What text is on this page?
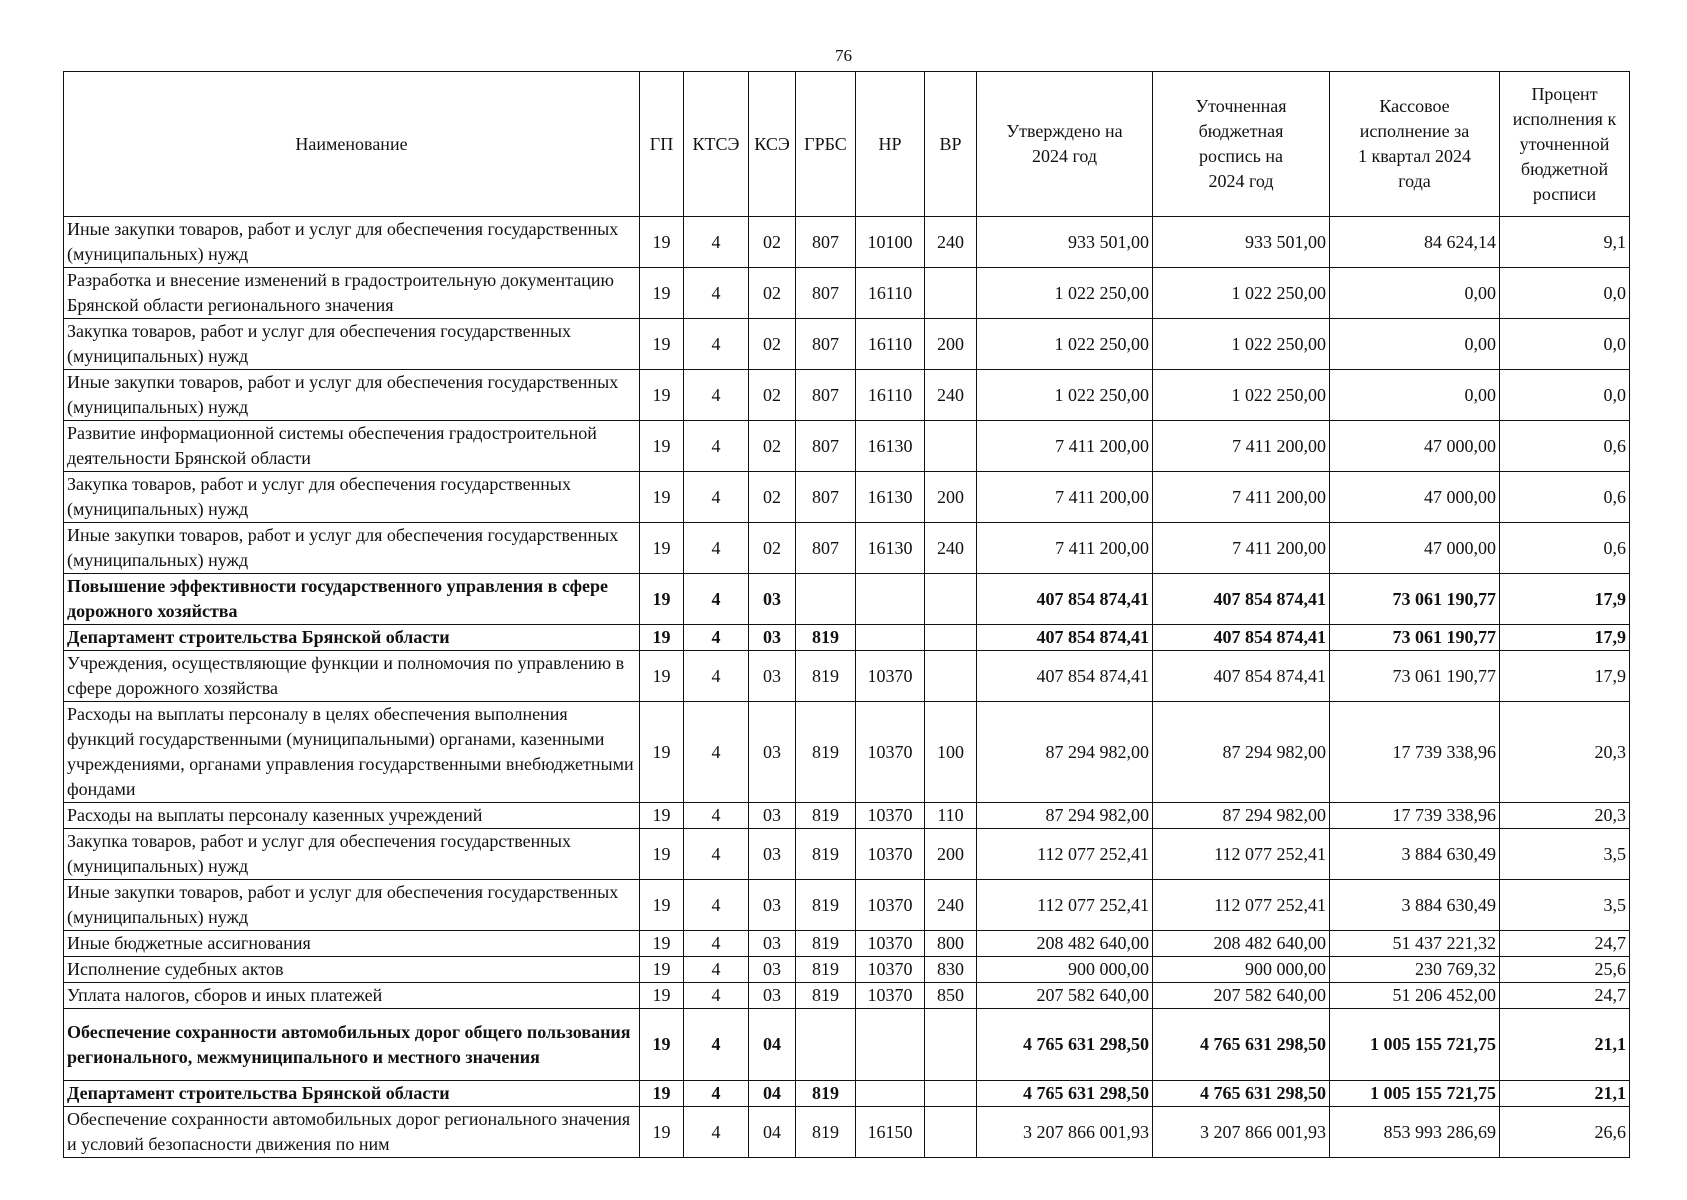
76
Наименование	ГП	КТСЭ	КСЭ	ГРБС	НР	ВР	Утверждено на 2024 год	Уточненная бюджетная роспись на 2024 год	Кассовое исполнение за 1 квартал 2024 года	Процент исполнения к уточненной бюджетной росписи
Иные закупки товаров, работ и услуг для обеспечения государственных (муниципальных) нужд	19	4	02	807	10100	240	933 501,00	933 501,00	84 624,14	9,1
Разработка и внесение изменений в градостроительную документацию Брянской области регионального значения	19	4	02	807	16110		1 022 250,00	1 022 250,00	0,00	0,0
Закупка товаров, работ и услуг для обеспечения государственных (муниципальных) нужд	19	4	02	807	16110	200	1 022 250,00	1 022 250,00	0,00	0,0
Иные закупки товаров, работ и услуг для обеспечения государственных (муниципальных) нужд	19	4	02	807	16110	240	1 022 250,00	1 022 250,00	0,00	0,0
Развитие информационной системы обеспечения градостроительной деятельности Брянской области	19	4	02	807	16130		7 411 200,00	7 411 200,00	47 000,00	0,6
Закупка товаров, работ и услуг для обеспечения государственных (муниципальных) нужд	19	4	02	807	16130	200	7 411 200,00	7 411 200,00	47 000,00	0,6
Иные закупки товаров, работ и услуг для обеспечения государственных (муниципальных) нужд	19	4	02	807	16130	240	7 411 200,00	7 411 200,00	47 000,00	0,6
Повышение эффективности государственного управления в сфере дорожного хозяйства	19	4	03				407 854 874,41	407 854 874,41	73 061 190,77	17,9
Департамент строительства Брянской области	19	4	03	819			407 854 874,41	407 854 874,41	73 061 190,77	17,9
Учреждения, осуществляющие функции и полномочия по управлению в сфере дорожного хозяйства	19	4	03	819	10370		407 854 874,41	407 854 874,41	73 061 190,77	17,9
Расходы на выплаты персоналу в целях обеспечения выполнения функций государственными (муниципальными) органами, казенными учреждениями, органами управления государственными внебюджетными фондами	19	4	03	819	10370	100	87 294 982,00	87 294 982,00	17 739 338,96	20,3
Расходы на выплаты персоналу казенных учреждений	19	4	03	819	10370	110	87 294 982,00	87 294 982,00	17 739 338,96	20,3
Закупка товаров, работ и услуг для обеспечения государственных (муниципальных) нужд	19	4	03	819	10370	200	112 077 252,41	112 077 252,41	3 884 630,49	3,5
Иные закупки товаров, работ и услуг для обеспечения государственных (муниципальных) нужд	19	4	03	819	10370	240	112 077 252,41	112 077 252,41	3 884 630,49	3,5
Иные бюджетные ассигнования	19	4	03	819	10370	800	208 482 640,00	208 482 640,00	51 437 221,32	24,7
Исполнение судебных актов	19	4	03	819	10370	830	900 000,00	900 000,00	230 769,32	25,6
Уплата налогов, сборов и иных платежей	19	4	03	819	10370	850	207 582 640,00	207 582 640,00	51 206 452,00	24,7
Обеспечение сохранности автомобильных дорог общего пользования регионального, межмуниципального и местного значения	19	4	04				4 765 631 298,50	4 765 631 298,50	1 005 155 721,75	21,1
Департамент строительства Брянской области	19	4	04	819			4 765 631 298,50	4 765 631 298,50	1 005 155 721,75	21,1
Обеспечение сохранности автомобильных дорог регионального значения и условий безопасности движения по ним	19	4	04	819	16150		3 207 866 001,93	3 207 866 001,93	853 993 286,69	26,6
